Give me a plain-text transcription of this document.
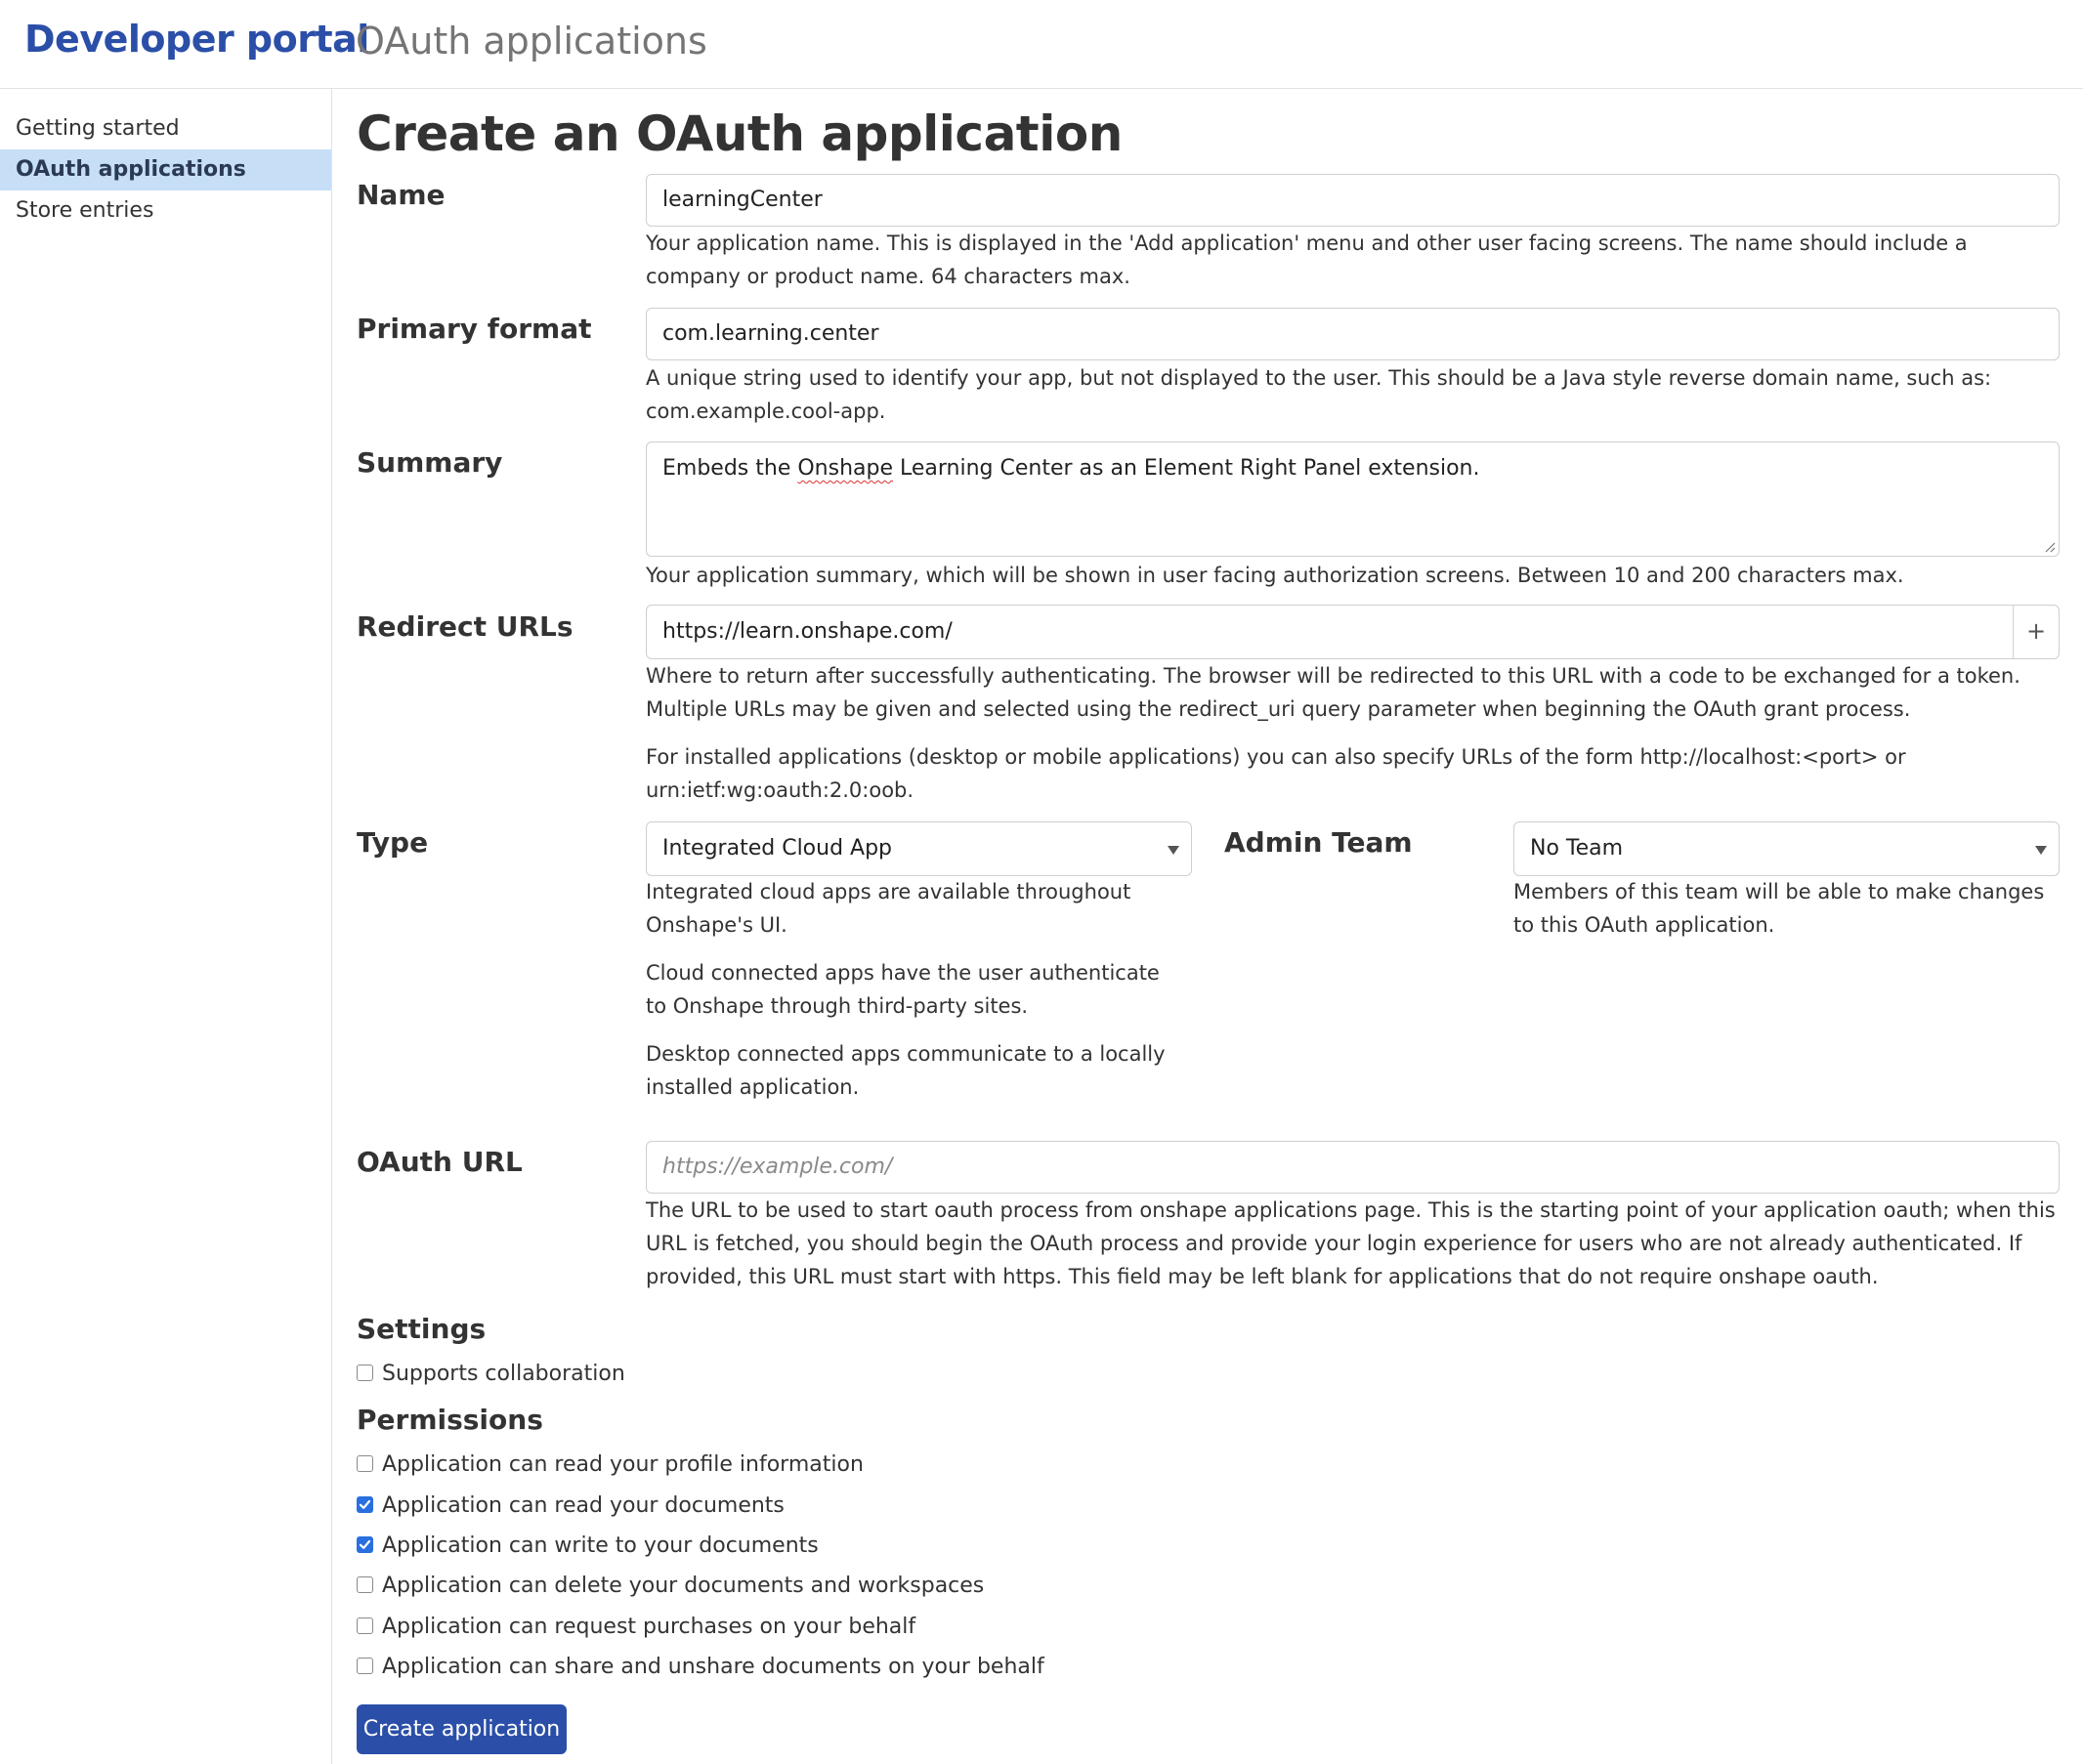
Developer portal
OAuth applications
Getting started
OAuth applications
Store entries
Create an OAuth application
Name	learningCenter
Your application name. This is displayed in the 'Add application' menu and other user facing screens. The name should include a company or product name. 64 characters max.
Primary format	com.learning.center
A unique string used to identify your app, but not displayed to the user. This should be a Java style reverse domain name, such as: com.example.cool-app.
Summary	Embeds the Onshape Learning Center as an Element Right Panel extension.
Your application summary, which will be shown in user facing authorization screens. Between 10 and 200 characters max.
Redirect URLs	https://learn.onshape.com/	+
Where to return after successfully authenticating. The browser will be redirected to this URL with a code to be exchanged for a token. Multiple URLs may be given and selected using the redirect_uri query parameter when beginning the OAuth grant process.
For installed applications (desktop or mobile applications) you can also specify URLs of the form http://localhost:<port> or urn:ietf:wg:oauth:2.0:oob.
Type	Integrated Cloud App
Integrated cloud apps are available throughout Onshape's UI.
Cloud connected apps have the user authenticate to Onshape through third-party sites.
Desktop connected apps communicate to a locally installed application.
Admin Team	No Team
Members of this team will be able to make changes to this OAuth application.
OAuth URL	https://example.com/
The URL to be used to start oauth process from onshape applications page. This is the starting point of your application oauth; when this URL is fetched, you should begin the OAuth process and provide your login experience for users who are not already authenticated. If provided, this URL must start with https. This field may be left blank for applications that do not require onshape oauth.
Settings
Supports collaboration
Permissions
Application can read your profile information
Application can read your documents
Application can write to your documents
Application can delete your documents and workspaces
Application can request purchases on your behalf
Application can share and unshare documents on your behalf
Create application
